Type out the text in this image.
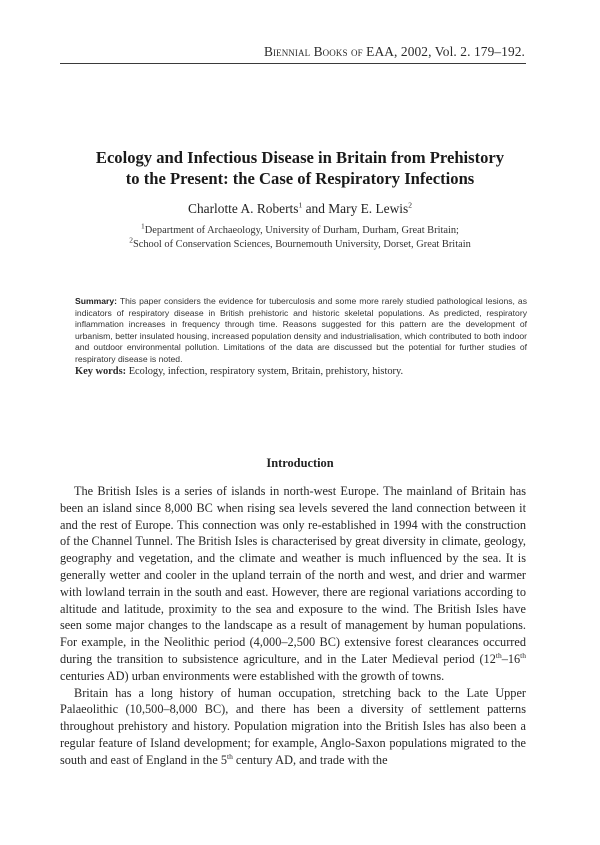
Biennial Books of EAA, 2002, Vol. 2. 179–192.
Ecology and Infectious Disease in Britain from Prehistory
to the Present: the Case of Respiratory Infections
Charlotte A. Roberts$^1$ and Mary E. Lewis$^2$
$^1$Department of Archaeology, University of Durham, Durham, Great Britain;
$^2$School of Conservation Sciences, Bournemouth University, Dorset, Great Britain
Summary: This paper considers the evidence for tuberculosis and some more rarely studied pathological lesions, as indicators of respiratory disease in British prehistoric and historic skeletal populations. As predicted, respiratory inflammation increases in frequency through time. Reasons suggested for this pattern are the development of urbanism, better insulated housing, increased population density and industrialisation, which contributed to both indoor and outdoor environmental pollution. Limitations of the data are discussed but the potential for further studies of respiratory disease is noted.
Key words: Ecology, infection, respiratory system, Britain, prehistory, history.
Introduction

The British Isles is a series of islands in north-west Europe. The mainland of Britain has been an island since 8,000 BC when rising sea levels severed the land connection between it and the rest of Europe. This connection was only re-established in 1994 with the construction of the Channel Tunnel. The British Isles is characterised by great diversity in climate, geology, geography and vegetation, and the climate and weather is much influenced by the sea. It is generally wetter and cooler in the upland terrain of the north and west, and drier and warmer with lowland terrain in the south and east. However, there are regional variations according to altitude and latitude, proximity to the sea and exposure to the wind. The British Isles have seen some major changes to the landscape as a result of management by human populations. For example, in the Neolithic period (4,000–2,500 BC) extensive forest clearances occurred during the transition to subsistence agriculture, and in the Later Medieval period (12th–16th centuries AD) urban environments were established with the growth of towns.

Britain has a long history of human occupation, stretching back to the Late Upper Palaeolithic (10,500–8,000 BC), and there has been a diversity of settlement patterns throughout prehistory and history. Population migration into the British Isles has also been a regular feature of Island development; for example, Anglo-Saxon populations migrated to the south and east of England in the 5th century AD, and trade with the
